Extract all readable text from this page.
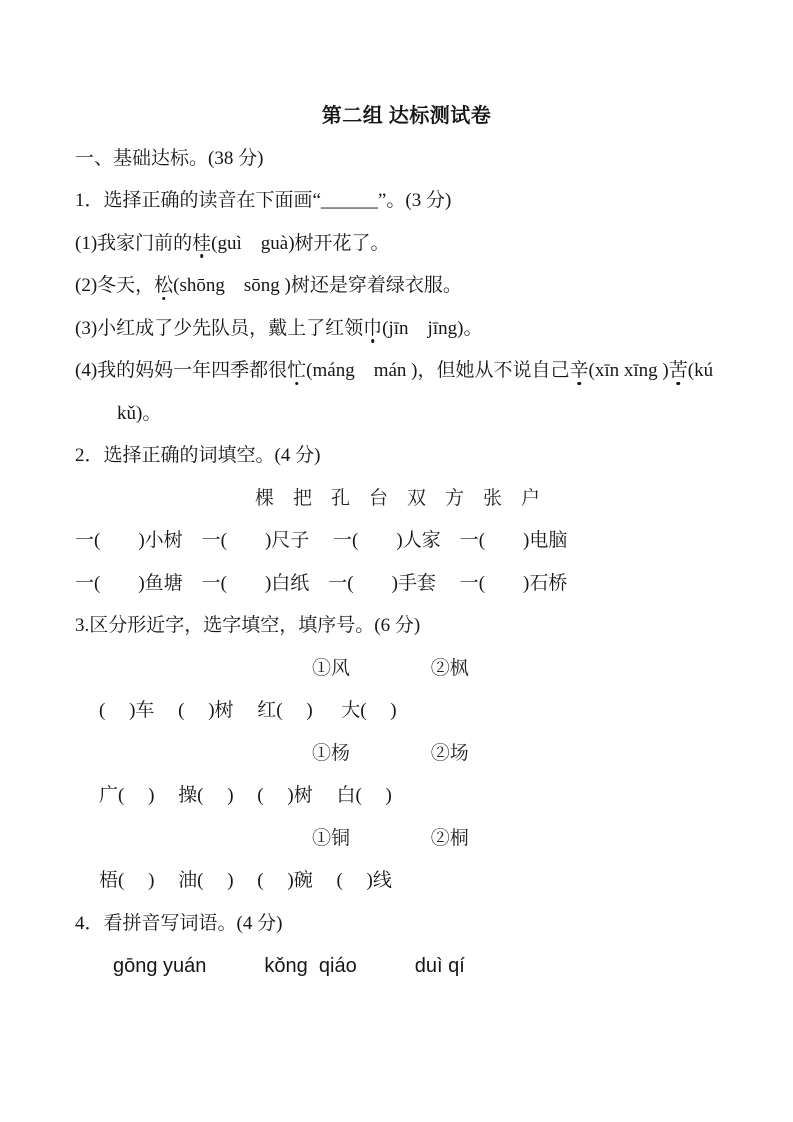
第二组 达标测试卷
一、基础达标。(38 分)
1．选择正确的读音在下面画“______”。(3 分)
(1)我家门前的桂(guì　guà)树开花了。
(2)冬天，松(shōng　sōng )树还是穿着绿衣服。
(3)小红成了少先队员，戴上了红领巾(jīn　jīng)。
(4)我的妈妈一年四季都很忙(máng　mán )，但她从不说自己辛(xīn xīng )苦(kú
kǔ)。
2．选择正确的词填空。(4 分)
棵　把　孔　台　双　方　张　户
一(　　)小树　一(　　)尺子　 一(　　)人家　一(　　)电脑
一(　　)鱼塘　一(　　)白纸　一(　　)手套　 一(　　)石桥
3.区分形近字，选字填空，填序号。(6 分)
①风　　　　 ②枫
(　 )车　 (　 )树　 红(　 )　  大(　 )
①杨　　　　 ②场
广(　 )　 操(　 )　 (　 )树　 白(　 )
①铜　　　　 ②桐
梧(　 )　 油(　 )　 (　 )碗　 (　 )线
4．看拼音写词语。(4 分)
gōng yuán	kǒng  qiáo	duì qí
